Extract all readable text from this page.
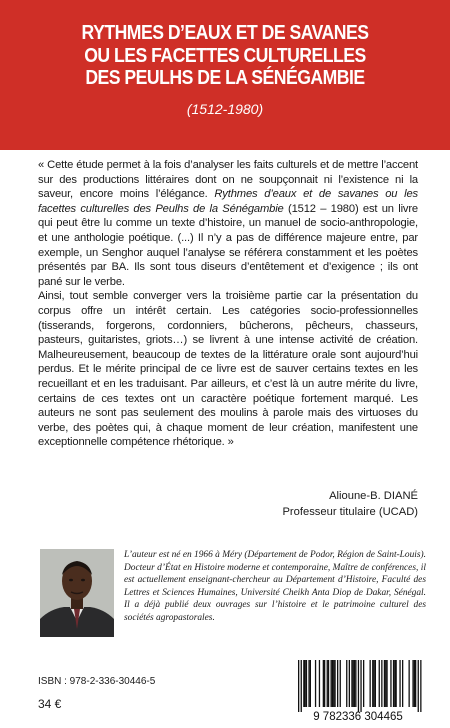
RYTHMES D’EAUX ET DE SAVANES
OU LES FACETTES CULTURELLES
DES PEULHS DE LA SÉNÉGAMBIE
(1512-1980)

« Cette étude permet à la fois d’analyser les faits culturels et de mettre l’accent sur des productions littéraires dont on ne soupçonnait ni l’existence ni la saveur, encore moins l’élégance. Rythmes d’eaux et de savanes ou les facettes culturelles des Peulhs de la Sénégambie (1512 – 1980) est un livre qui peut être lu comme un texte d’histoire, un manuel de socio-anthropologie, et une anthologie poétique. (...) Il n’y a pas de différence majeure entre, par exemple, un Senghor auquel l’analyse se référera constamment et les poètes présentés par BA. Ils sont tous diseurs d’entêtement et d’exigence ; ils ont pané sur le verbe.

Ainsi, tout semble converger vers la troisième partie car la présentation du corpus offre un intérêt certain. Les catégories socio-professionnelles (tisserands, forgerons, cordonniers, bûcherons, pêcheurs, chasseurs, pasteurs, guitaristes, griots…) se livrent à une intense activité de création. Malheureusement, beaucoup de textes de la littérature orale sont aujourd’hui perdus. Et le mérite principal de ce livre est de sauver certains textes en les recueillant et en les traduisant. Par ailleurs, et c’est là un autre mérite du livre, certains de ces textes ont un caractère poétique fortement marqué. Les auteurs ne sont pas seulement des moulins à parole mais des virtuoses du verbe, des poètes qui, à chaque moment de leur création, manifestent une exceptionnelle compétence rhétorique. »

Alioune-B. DIANÉ
Professeur titulaire (UCAD)

L’auteur est né en 1966 à Méry (Département de Podor, Région de Saint-Louis). Docteur d’État en Histoire moderne et contemporaine, Maître de conférences, il est actuellement enseignant-chercheur au Département d’Histoire, Faculté des Lettres et Sciences Humaines, Université Cheikh Anta Diop de Dakar, Sénégal. Il a déjà publié deux ouvrages sur l’histoire et le patrimoine culturel des sociétés agropastorales.

ISBN : 978-2-336-30446-5
34 €
9 782336 304465
